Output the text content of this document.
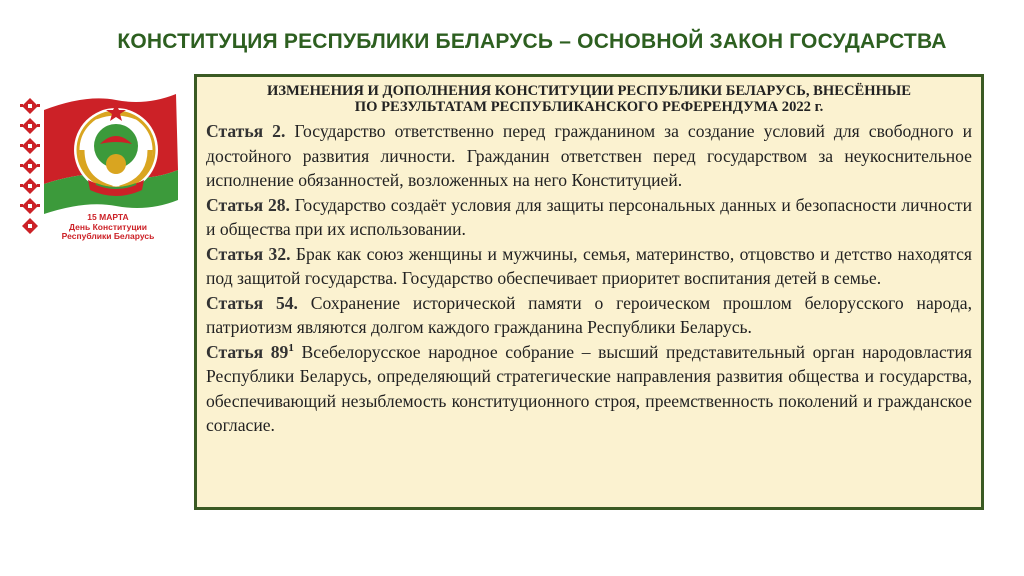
КОНСТИТУЦИЯ РЕСПУБЛИКИ БЕЛАРУСЬ – ОСНОВНОЙ ЗАКОН ГОСУДАРСТВА
15 МАРТА
День Конституции
Республики Беларусь
ИЗМЕНЕНИЯ И ДОПОЛНЕНИЯ КОНСТИТУЦИИ РЕСПУБЛИКИ БЕЛАРУСЬ, ВНЕСЁННЫЕ
ПО РЕЗУЛЬТАТАМ РЕСПУБЛИКАНСКОГО РЕФЕРЕНДУМА 2022 г.
Статья 2. Государство ответственно перед гражданином за создание условий для свободного и достойного развития личности. Гражданин ответствен перед государством за неукоснительное исполнение обязанностей, возложенных на него Конституцией.
Статья 28. Государство создаёт условия для защиты персональных данных и безопасности личности и общества при их использовании.
Статья 32. Брак как союз женщины и мужчины, семья, материнство, отцовство и детство находятся под защитой государства. Государство обеспечивает приоритет воспитания детей в семье.
Статья 54. Сохранение исторической памяти о героическом прошлом белорусского народа, патриотизм являются долгом каждого гражданина Республики Беларусь.
Статья $89^1$ Всебелорусское народное собрание – высший представительный орган народовластия Республики Беларусь, определяющий стратегические направления развития общества и государства, обеспечивающий незыблемость конституционного строя, преемственность поколений и гражданское согласие.
